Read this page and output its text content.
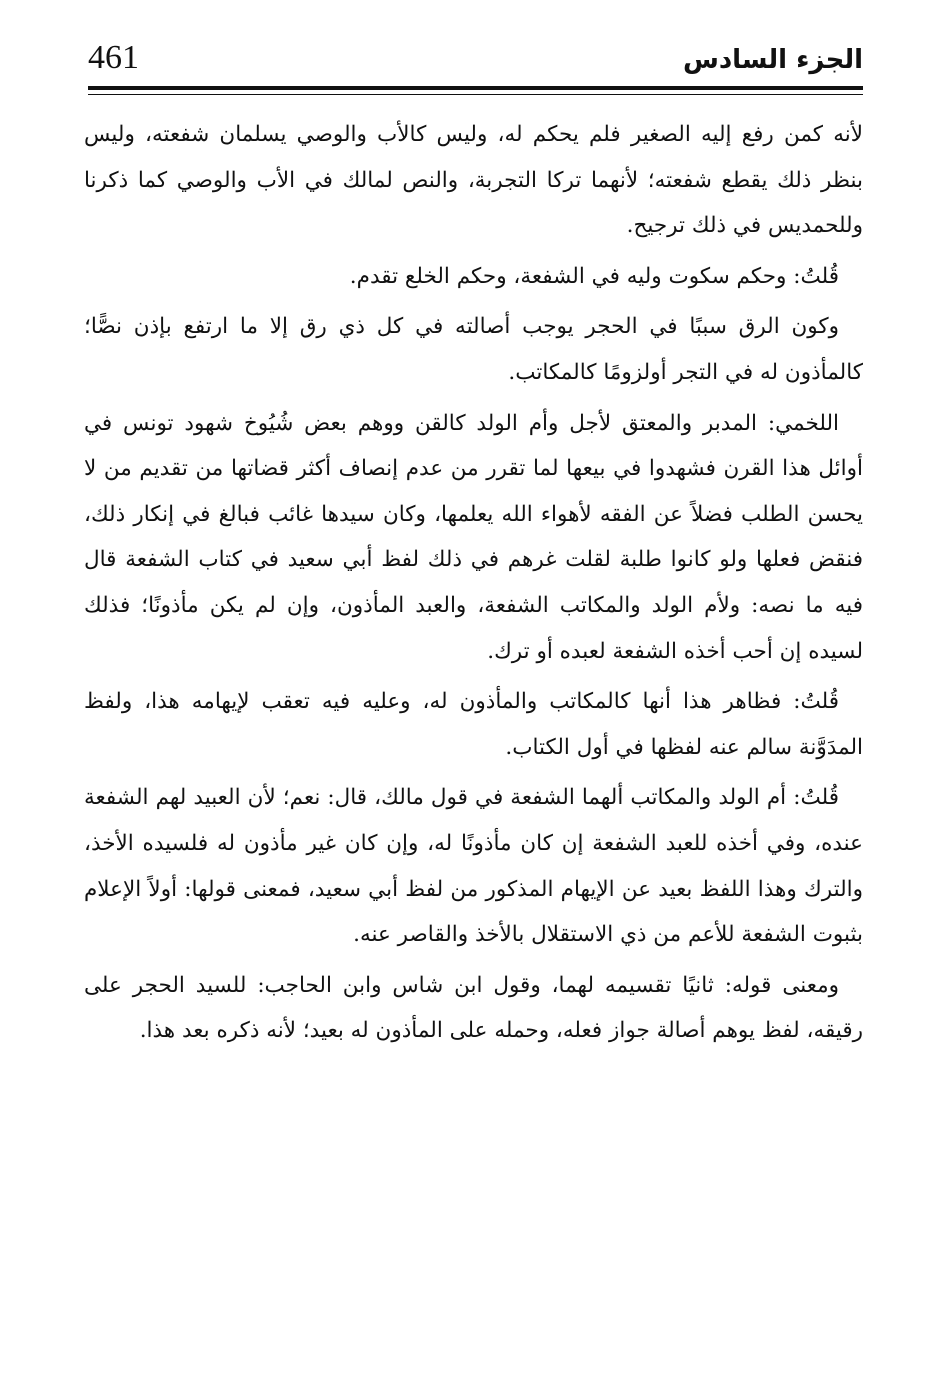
461	الجزء السادس

لأنه كمن رفع إليه الصغير فلم يحكم له، وليس كالأب والوصي يسلمان شفعته، وليس بنظر ذلك يقطع شفعته؛ لأنهما تركا التجربة، والنص لمالك في الأب والوصي كما ذكرنا وللحمديس في ذلك ترجيح.

قُلتُ: وحكم سكوت وليه في الشفعة، وحكم الخلع تقدم.

وكون الرق سببًا في الحجر يوجب أصالته في كل ذي رق إلا ما ارتفع بإذن نصًّا؛ كالمأذون له في التجر أولزومًا كالمكاتب.

اللخمي: المدبر والمعتق لأجل وأم الولد كالقن ووهم بعض شُيُوخ شهود تونس في أوائل هذا القرن فشهدوا في بيعها لما تقرر من عدم إنصاف أكثر قضاتها من تقديم من لا يحسن الطلب فضلاً عن الفقه لأهواء الله يعلمها، وكان سيدها غائب فبالغ في إنكار ذلك، فنقض فعلها ولو كانوا طلبة لقلت غرهم في ذلك لفظ أبي سعيد في كتاب الشفعة قال فيه ما نصه: ولأم الولد والمكاتب الشفعة، والعبد المأذون، وإن لم يكن مأذونًا؛ فذلك لسيده إن أحب أخذه الشفعة لعبده أو ترك.

قُلتُ: فظاهر هذا أنها كالمكاتب والمأذون له، وعليه فيه تعقب لإيهامه هذا، ولفظ المدَوَّنة سالم عنه لفظها في أول الكتاب.

قُلتُ: أم الولد والمكاتب ألهما الشفعة في قول مالك، قال: نعم؛ لأن العبيد لهم الشفعة عنده، وفي أخذه للعبد الشفعة إن كان مأذونًا له، وإن كان غير مأذون له فلسيده الأخذ، والترك وهذا اللفظ بعيد عن الإيهام المذكور من لفظ أبي سعيد، فمعنى قولها: أولاً الإعلام بثبوت الشفعة للأعم من ذي الاستقلال بالأخذ والقاصر عنه.

ومعنى قوله: ثانيًا تقسيمه لهما، وقول ابن شاس وابن الحاجب: للسيد الحجر على رقيقه، لفظ يوهم أصالة جواز فعله، وحمله على المأذون له بعيد؛ لأنه ذكره بعد هذا.
